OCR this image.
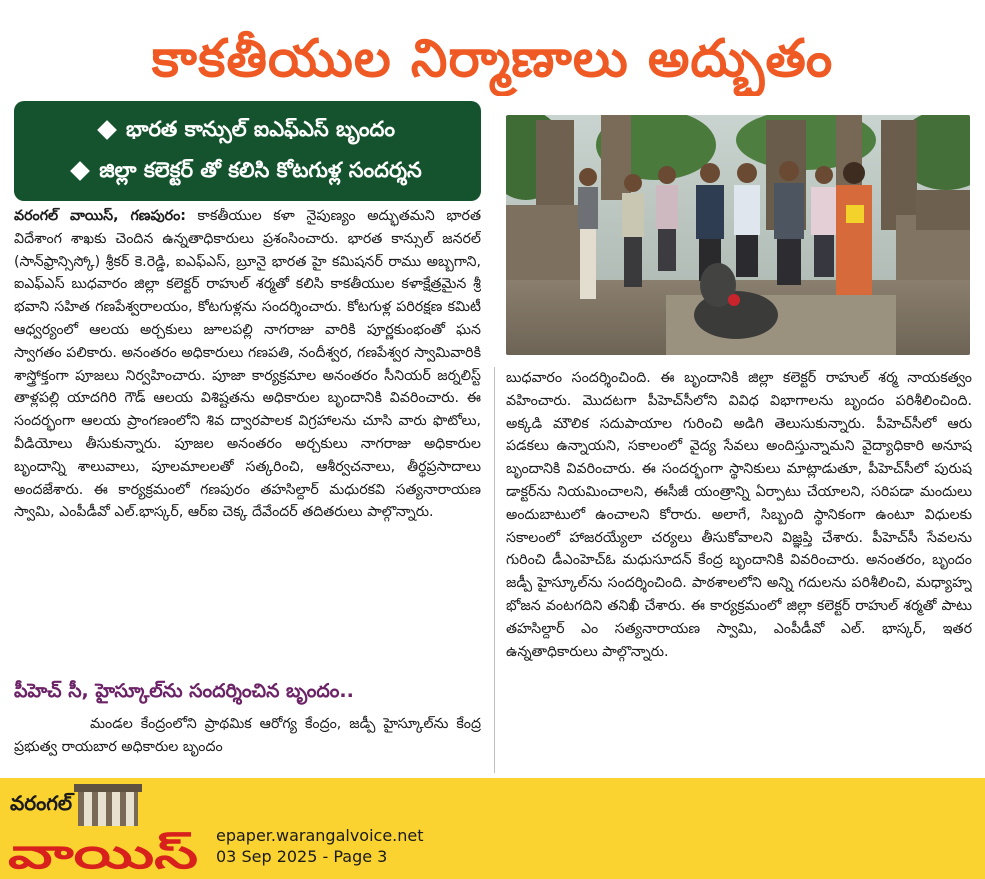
కాకతీయుల నిర్మాణాలు అద్భుతం
భారత కాన్సుల్ ఐఎఫ్ఎస్ బృందం
జిల్లా కలెక్టర్ తో కలిసి కోటగుళ్ల సందర్శన
వరంగల్ వాయిస్, గణపురం: కాకతీయుల కళా నైపుణ్యం అద్భుతమని భారత విదేశాంగ శాఖకు చెందిన ఉన్నతాధికారులు ప్రశంసించారు. భారత కాన్సుల్ జనరల్ (సాన్‌ఫ్రాన్సిస్కో) శ్రీకర్ కె.రెడ్డి, ఐఎఫ్ఎస్, బ్రూనై భారత హై కమిషనర్ రాము అబ్బగాని, ఐఎఫ్ఎస్ బుధవారం జిల్లా కలెక్టర్ రాహుల్ శర్మతో కలిసి కాకతీయుల కళాక్షేత్రమైన శ్రీ భవాని సహిత గణపేశ్వరాలయం, కోటగుళ్లను సందర్శించారు. కోటగుళ్ల పరిరక్షణ కమిటీ ఆధ్వర్యంలో ఆలయ అర్చకులు జూలపల్లి నాగరాజు వారికి పూర్ణకుంభంతో ఘన స్వాగతం పలికారు. అనంతరం అధికారులు గణపతి, నందీశ్వర, గణపేశ్వర స్వామివారికి శాస్త్రోక్తంగా పూజలు నిర్వహించారు. పూజా కార్యక్రమాల అనంతరం సీనియర్ జర్నలిస్ట్ తాళ్లపల్లి యాదగిరి గౌడ్ ఆలయ విశిష్టతను అధికారుల బృందానికి వివరించారు. ఈ సందర్భంగా ఆలయ ప్రాంగణంలోని శివ ద్వారపాలక విగ్రహాలను చూసి వారు ఫొటోలు, వీడియోలు తీసుకున్నారు. పూజల అనంతరం అర్చకులు నాగరాజు అధికారుల బృందాన్ని శాలువాలు, పూలమాలలతో సత్కరించి, ఆశీర్వచనాలు, తీర్థప్రసాదాలు అందజేశారు. ఈ కార్యక్రమంలో గణపురం తహసిల్దార్ మధురకవి సత్యనారాయణ స్వామి, ఎంపీడీవో ఎల్.భాస్కర్, ఆర్ఐ చెక్క దేవేందర్ తదితరులు పాల్గొన్నారు.
పీహెచ్ సీ, హైస్కూల్‌ను సందర్శించిన బృందం..
మండల కేంద్రంలోని ప్రాథమిక ఆరోగ్య కేంద్రం, జడ్పీ హైస్కూల్‌ను కేంద్ర ప్రభుత్వ రాయబార అధికారుల బృందం
బుధవారం సందర్శించింది. ఈ బృందానికి జిల్లా కలెక్టర్ రాహుల్ శర్మ నాయకత్వం వహించారు. మొదటగా పీహెచ్‌సీలోని వివిధ విభాగాలను బృందం పరిశీలించింది. అక్కడి మౌలిక సదుపాయాల గురించి అడిగి తెలుసుకున్నారు. పీహెచ్‌సీలో ఆరు పడకలు ఉన్నాయని, సకాలంలో వైద్య సేవలు అందిస్తున్నామని వైద్యాధికారి అనూష బృందానికి వివరించారు. ఈ సందర్భంగా స్థానికులు మాట్లాడుతూ, పీహెచ్‌సీలో పురుష డాక్టర్‌ను నియమించాలని, ఈసీజీ యంత్రాన్ని ఏర్పాటు చేయాలని, సరిపడా మందులు అందుబాటులో ఉంచాలని కోరారు. అలాగే, సిబ్బంది స్థానికంగా ఉంటూ విధులకు సకాలంలో హాజరయ్యేలా చర్యలు తీసుకోవాలని విజ్ఞప్తి చేశారు. పీహెచ్‌సీ సేవలను గురించి డీఎంహెచ్ఓ మధుసూదన్ కేంద్ర బృందానికి వివరించారు. అనంతరం, బృందం జడ్పీ హైస్కూల్‌ను సందర్శించింది. పాఠశాలలోని అన్ని గదులను పరిశీలించి, మధ్యాహ్న భోజన వంటగదిని తనిఖీ చేశారు. ఈ కార్యక్రమంలో జిల్లా కలెక్టర్ రాహుల్ శర్మతో పాటు తహసిల్దార్ ఎం సత్యనారాయణ స్వామి, ఎంపీడీవో ఎల్. భాస్కర్, ఇతర ఉన్నతాధికారులు పాల్గొన్నారు.
వరంగల్
వాయిస్ epaper.warangalvoice.net
03 Sep 2025 - Page 3
